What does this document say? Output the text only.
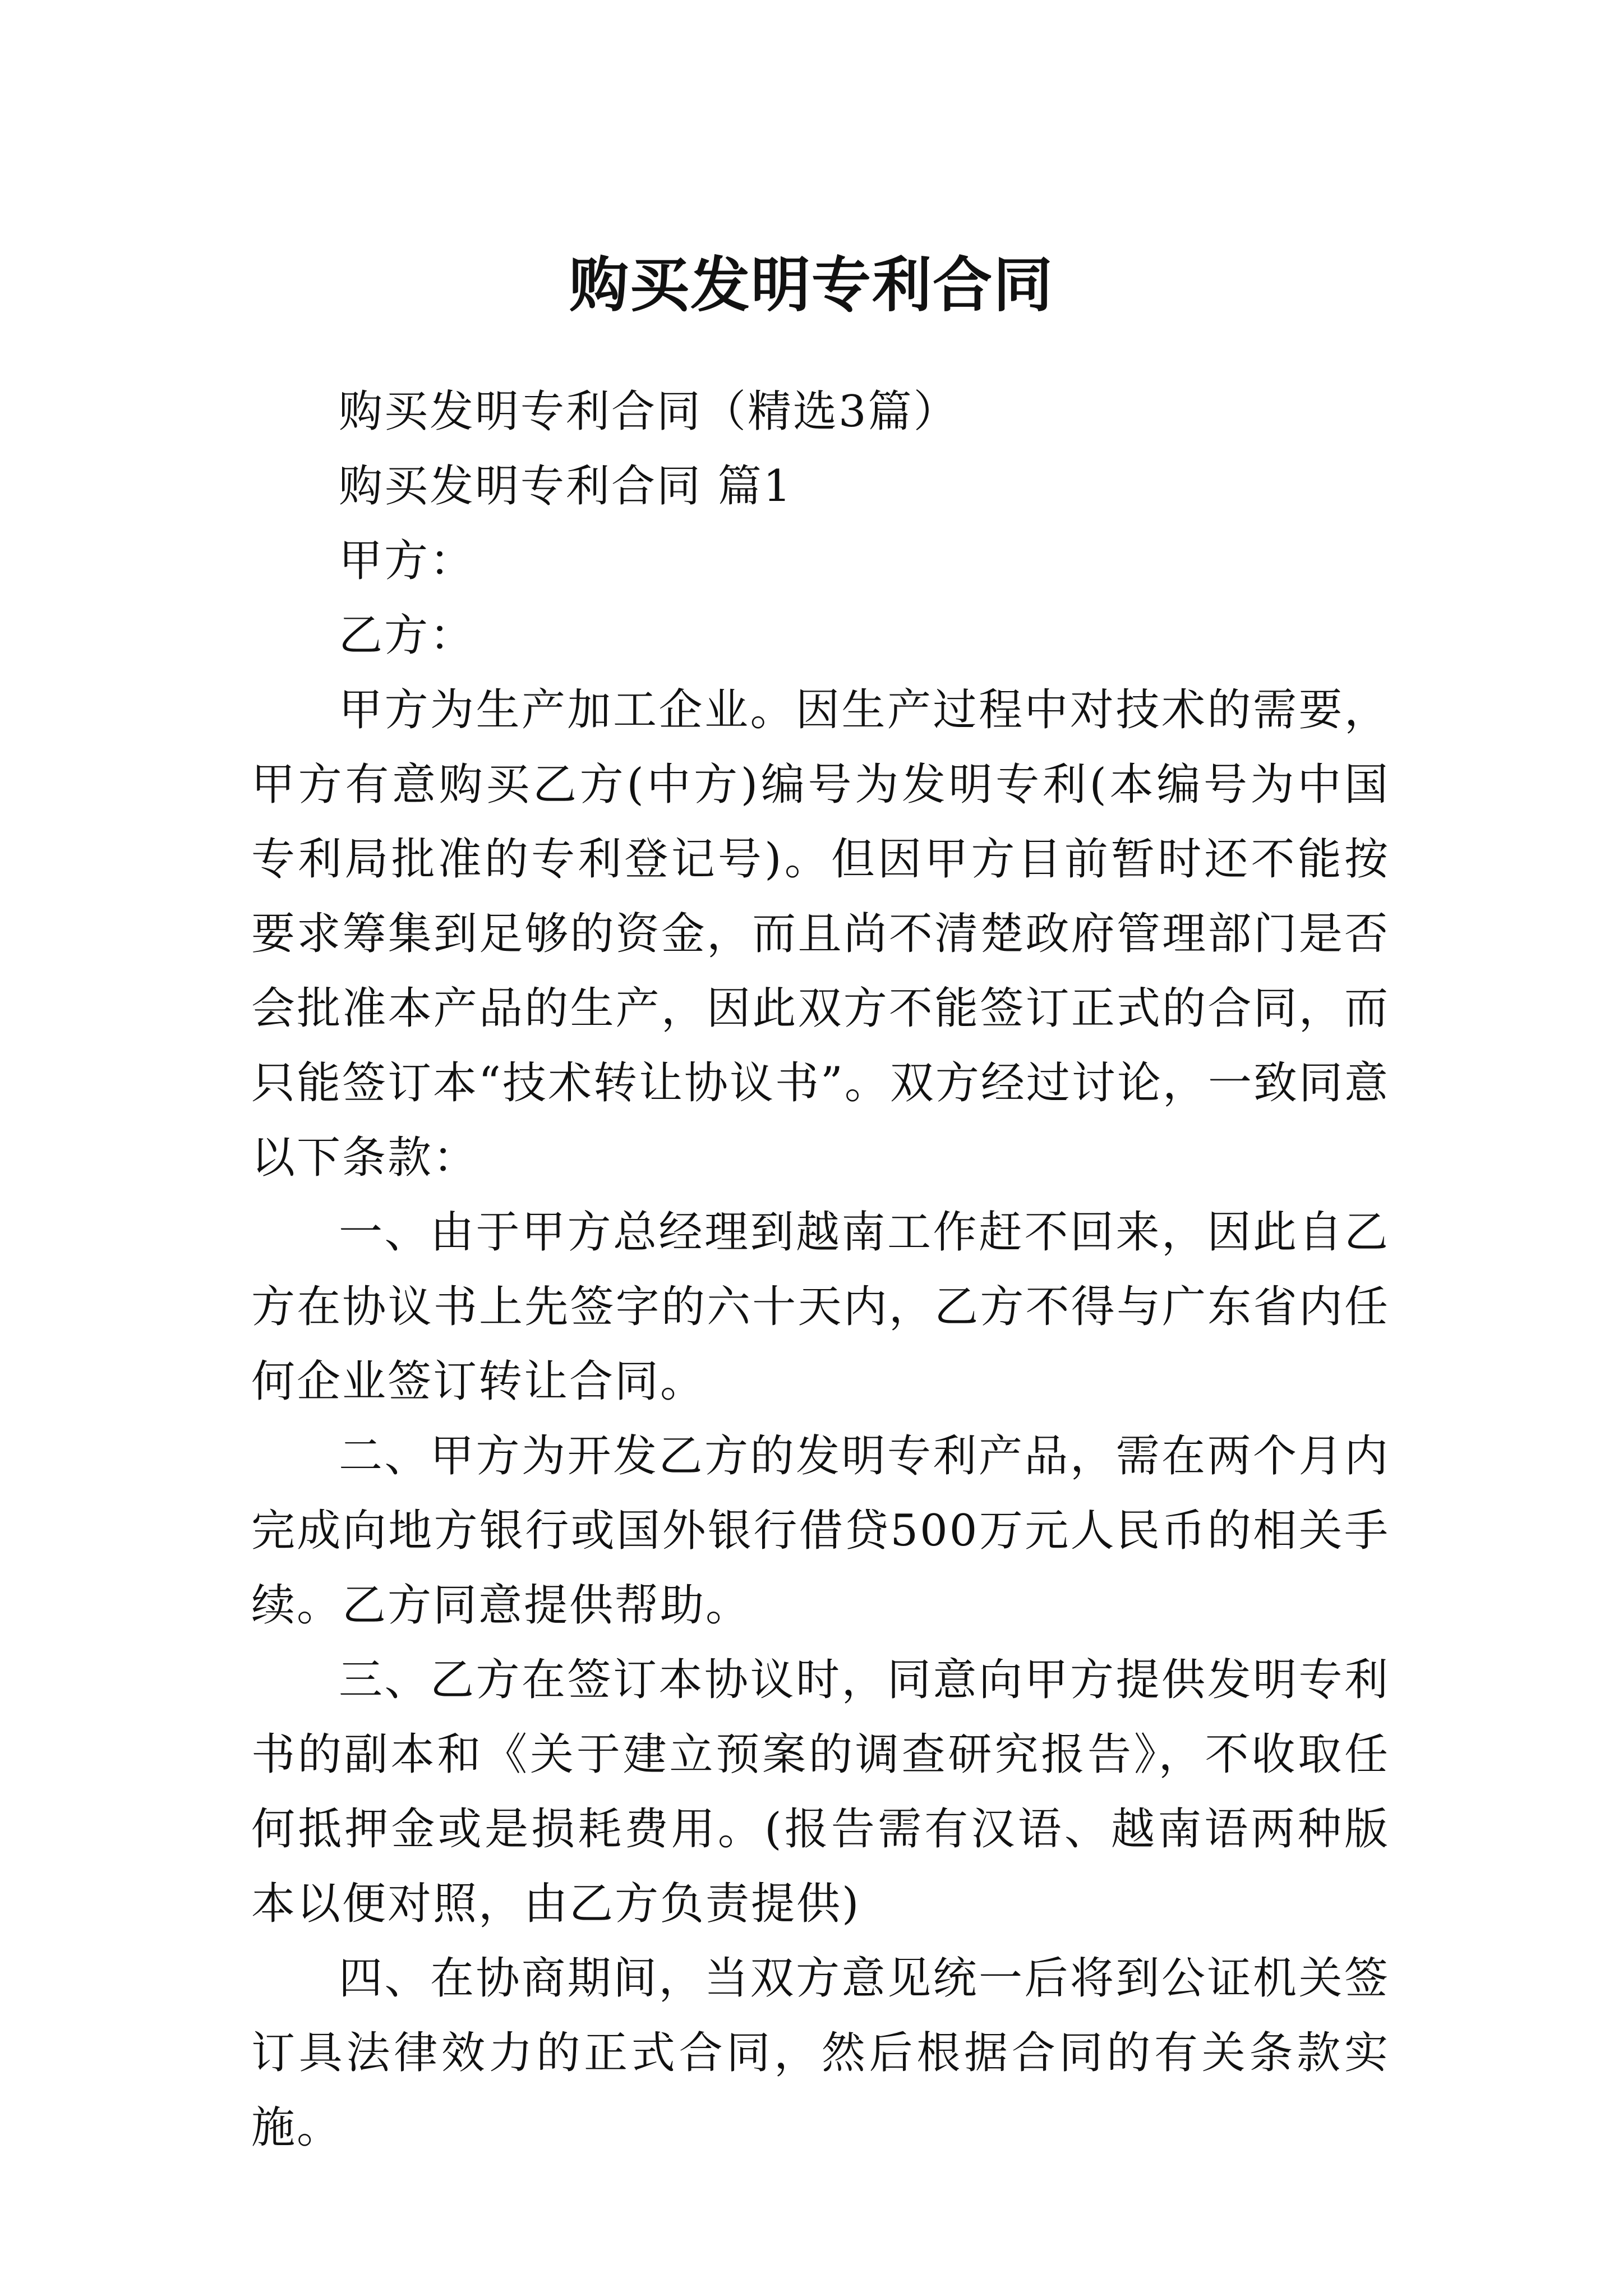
购买发明专利合同

购买发明专利合同（精选3篇）

购买发明专利合同 篇1

甲方：

乙方：

甲方为生产加工企业。因生产过程中对技术的需要，甲方有意购买乙方(中方)编号为发明专利(本编号为中国专利局批准的专利登记号)。但因甲方目前暂时还不能按要求筹集到足够的资金，而且尚不清楚政府管理部门是否会批准本产品的生产，因此双方不能签订正式的合同，而只能签订本“技术转让协议书”。双方经过讨论，一致同意以下条款：

一、由于甲方总经理到越南工作赶不回来，因此自乙方在协议书上先签字的六十天内，乙方不得与广东省内任何企业签订转让合同。

二、甲方为开发乙方的发明专利产品，需在两个月内完成向地方银行或国外银行借贷500万元人民币的相关手续。乙方同意提供帮助。

三、乙方在签订本协议时，同意向甲方提供发明专利书的副本和《关于建立预案的调查研究报告》，不收取任何抵押金或是损耗费用。(报告需有汉语、越南语两种版本以便对照，由乙方负责提供)

四、在协商期间，当双方意见统一后将到公证机关签订具法律效力的正式合同，然后根据合同的有关条款实施。
